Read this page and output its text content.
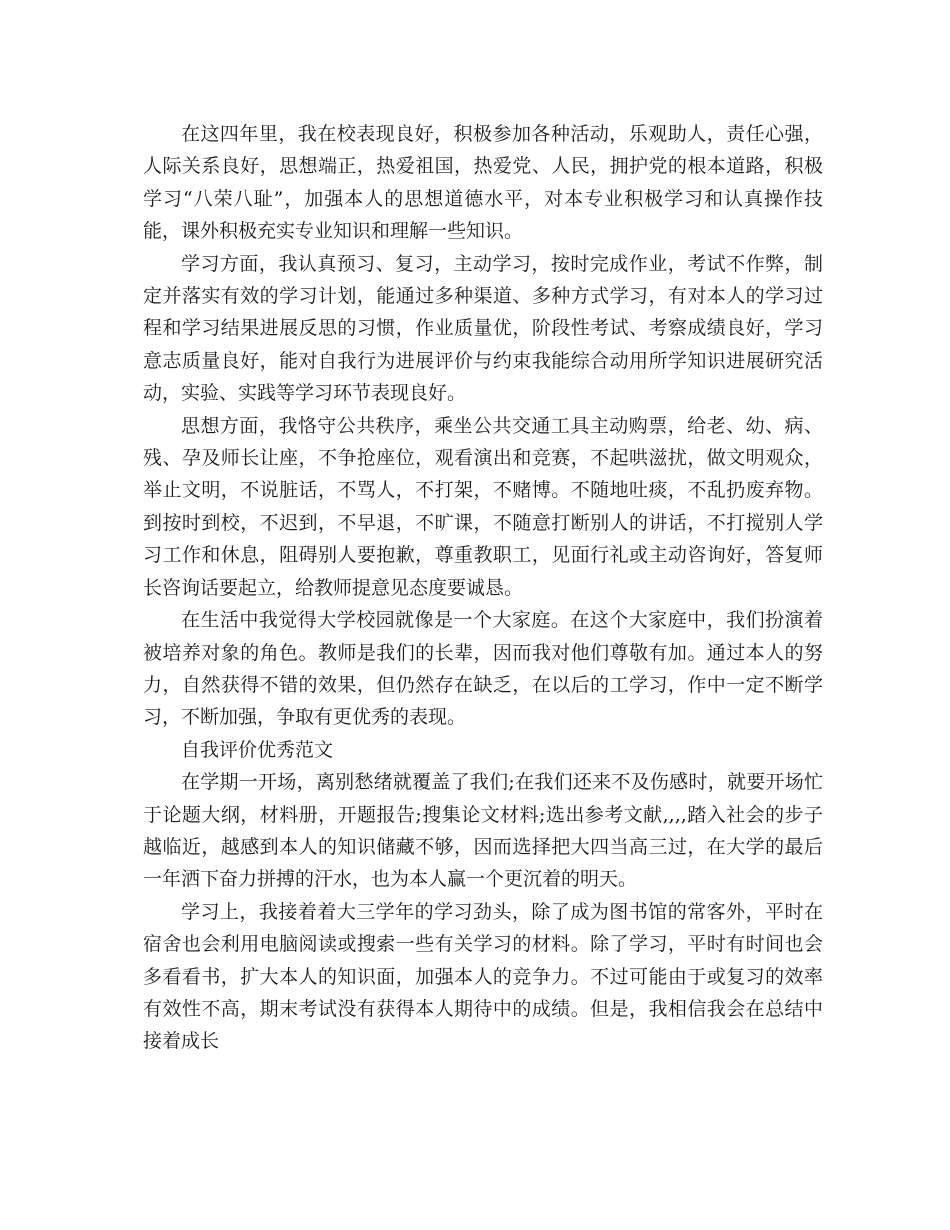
在这四年里，我在校表现良好，积极参加各种活动，乐观助人，责任心强，人际关系良好，思想端正，热爱祖国，热爱党、人民，拥护党的根本道路，积极学习“八荣八耻”，加强本人的思想道德水平，对本专业积极学习和认真操作技能，课外积极充实专业知识和理解一些知识。

学习方面，我认真预习、复习，主动学习，按时完成作业，考试不作弊，制定并落实有效的学习计划，能通过多种渠道、多种方式学习，有对本人的学习过程和学习结果进展反思的习惯，作业质量优，阶段性考试、考察成绩良好，学习意志质量良好，能对自我行为进展评价与约束我能综合动用所学知识进展研究活动，实验、实践等学习环节表现良好。

思想方面，我恪守公共秩序，乘坐公共交通工具主动购票，给老、幼、病、残、孕及师长让座，不争抢座位，观看演出和竞赛，不起哄滋扰，做文明观众，举止文明，不说脏话，不骂人，不打架，不赌博。不随地吐痰，不乱扔废弃物。到按时到校，不迟到，不早退，不旷课，不随意打断别人的讲话，不打搅别人学习工作和休息，阻碍别人要抱歉，尊重教职工，见面行礼或主动咨询好，答复师长咨询话要起立，给教师提意见态度要诚恳。

在生活中我觉得大学校园就像是一个大家庭。在这个大家庭中，我们扮演着被培养对象的角色。教师是我们的长辈，因而我对他们尊敬有加。通过本人的努力，自然获得不错的效果，但仍然存在缺乏，在以后的工学习，作中一定不断学习，不断加强，争取有更优秀的表现。

自我评价优秀范文

在学期一开场，离别愁绪就覆盖了我们;在我们还来不及伤感时，就要开场忙于论题大纲，材料册，开题报告;搜集论文材料;选出参考文献,,,,踏入社会的步子越临近，越感到本人的知识储藏不够，因而选择把大四当高三过，在大学的最后一年洒下奋力拼搏的汗水，也为本人赢一个更沉着的明天。

学习上，我接着着大三学年的学习劲头，除了成为图书馆的常客外，平时在宿舍也会利用电脑阅读或搜索一些有关学习的材料。除了学习，平时有时间也会多看看书，扩大本人的知识面，加强本人的竞争力。不过可能由于或复习的效率有效性不高，期末考试没有获得本人期待中的成绩。但是，我相信我会在总结中接着成长
